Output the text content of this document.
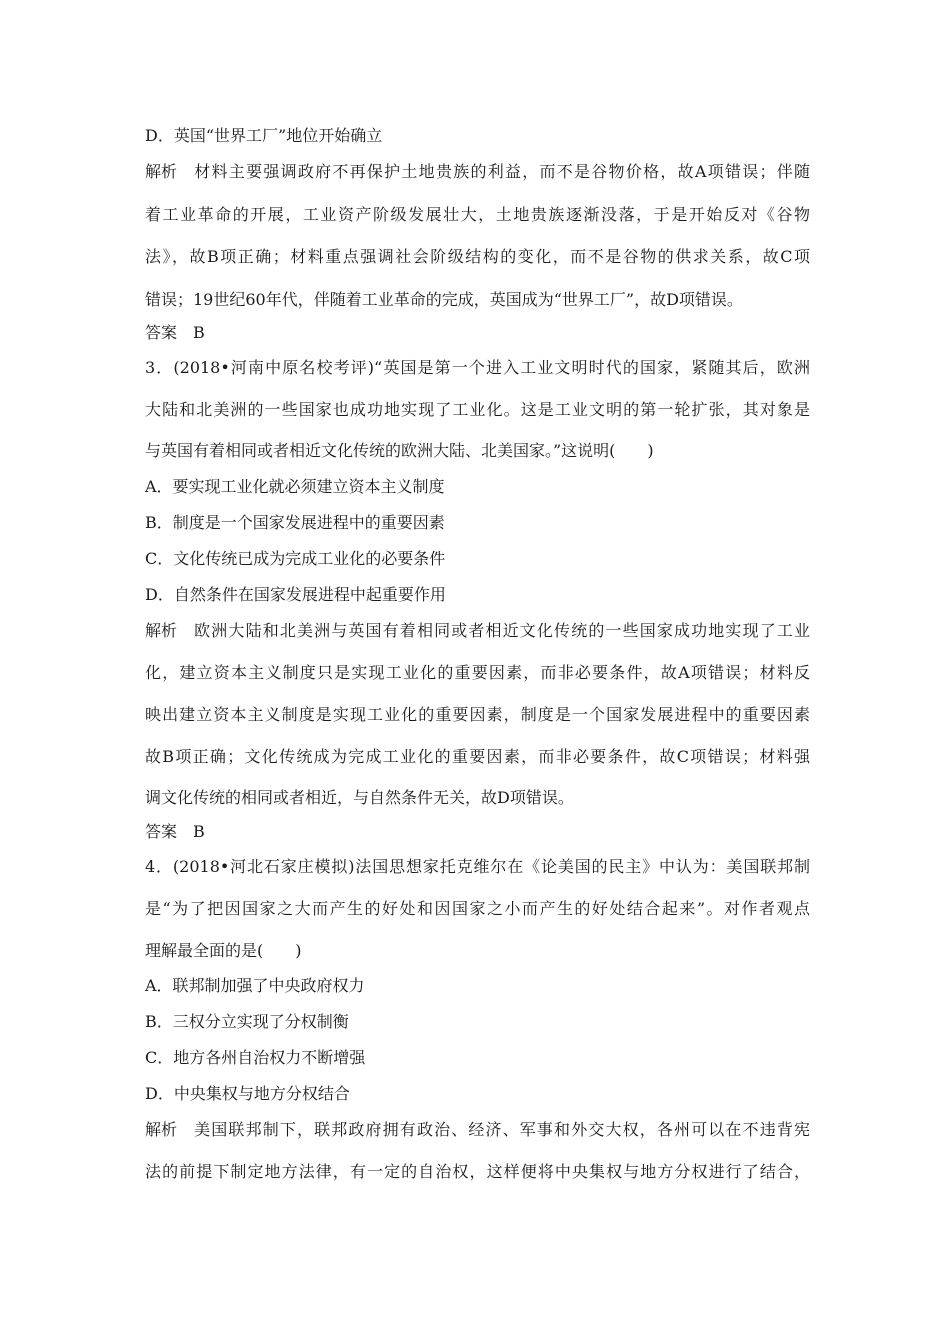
D．英国“世界工厂”地位开始确立
解析 材料主要强调政府不再保护土地贵族的利益，而不是谷物价格，故A项错误；伴随
着工业革命的开展，工业资产阶级发展壮大，土地贵族逐渐没落，于是开始反对《谷物
法》，故B项正确；材料重点强调社会阶级结构的变化，而不是谷物的供求关系，故C项
错误；19世纪60年代，伴随着工业革命的完成，英国成为“世界工厂”，故D项错误。
答案 B
3．(2018•河南中原名校考评)“英国是第一个进入工业文明时代的国家，紧随其后，欧洲
大陆和北美洲的一些国家也成功地实现了工业化。这是工业文明的第一轮扩张，其对象是
与英国有着相同或者相近文化传统的欧洲大陆、北美国家。”这说明(　　)
A．要实现工业化就必须建立资本主义制度
B．制度是一个国家发展进程中的重要因素
C．文化传统已成为完成工业化的必要条件
D．自然条件在国家发展进程中起重要作用
解析 欧洲大陆和北美洲与英国有着相同或者相近文化传统的一些国家成功地实现了工业
化，建立资本主义制度只是实现工业化的重要因素，而非必要条件，故A项错误；材料反
映出建立资本主义制度是实现工业化的重要因素，制度是一个国家发展进程中的重要因素
故B项正确；文化传统成为完成工业化的重要因素，而非必要条件，故C项错误；材料强
调文化传统的相同或者相近，与自然条件无关，故D项错误。
答案 B
4．(2018•河北石家庄模拟)法国思想家托克维尔在《论美国的民主》中认为：美国联邦制
是“为了把因国家之大而产生的好处和因国家之小而产生的好处结合起来”。对作者观点
理解最全面的是(　　)
A．联邦制加强了中央政府权力
B．三权分立实现了分权制衡
C．地方各州自治权力不断增强
D．中央集权与地方分权结合
解析 美国联邦制下，联邦政府拥有政治、经济、军事和外交大权，各州可以在不违背宪
法的前提下制定地方法律，有一定的自治权，这样便将中央集权与地方分权进行了结合，
